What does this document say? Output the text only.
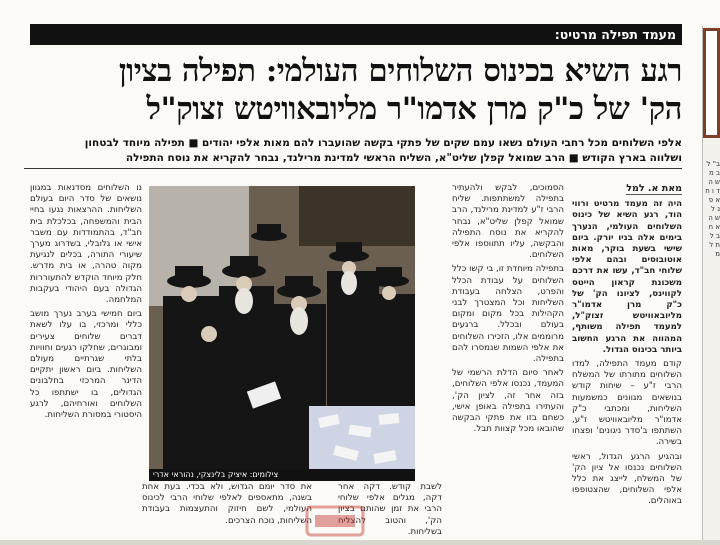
מעמד תפילה מרטיט:
רגע השיא בכינוס השלוחים העולמי: תפילה בציון
הק' של כ"ק מרן אדמו"ר מליובאוויטש זצוק"ל
אלפי השלוחים מכל רחבי העולם נשאו עמם שקים של פתקי בקשה שהועברו להם מאות אלפי יהודים ■ תפילה מיוחד לבטחון
ושלווה בארץ הקודש ■ הרב שמואל קפלן שליט"א, השליח הראשי למדינת מרילנד, נבחר להקריא את נוסח התפילה
מאת א. למל

היה זה מעמד מרטיט ורווי הוד, רגע השיא של כינוס השלוחים העולמי, הנערך בימים אלה בניו יורק. ביום שישי בשעת בוקר, מאות אוטובוסים ובהם אלפי שלוחי חב"ד, עשו את דרכם משכונת קראון הייטס לקווינס, לציונו הק' של כ"ק מרן אדמו"ר מליובאוויטש זצוק"ל, למעמד תפילה משותף, המהווה את הרגע החשוב ביותר בכינוס הגדול.

קודם מעמד התפילה, למדו השלוחים מתורתו של המשלח הרבי ז"ע – שיחות קודש בנושאים מגוונים כמשמעות השליחות, ומכתבי כ"ק אדמו"ר מליובאוויטש ז"ע, השתתפו ב'סדר ניגונים' ופצחו בשירה.

ובהגיע הרגע הגדול, ראשי השלוחים נכנסו אל ציון הק' של המשלח, לייצג את כלל אלפי השלוחים, שהצטופפו באוהלים.

הסמוכים, לבקש ולהעתיר בתפילה למשתתפות. שליח הרבי ז"ע למדינת מרילנד, הרב שמואל קפלן שליט"א, נבחר להקריא את נוסח התפילה והבקשה, עליו תתווספו אלפי השלוחים.

בתפילה מיוחדת זו, בי קשו כלל השלוחים על עבודת הכלל והפרט, הצלחה בעבודת השליחות וכל המצטרך לבני הקהילות בכל מקום ומקום בעולם ובכלל. ברגעים מרוממים אלו, הזכירו השלוחים את אלפי השמות שנמסרו להם בתפילה.

לאחר סיום הדלת הרשמי של המעמד, נכנסו אלפי השלוחים, בזה אחר זה, לציון הק', והעתירו בתפילה באופן אישי, כשחם בזו את פתקי הבקשה שהובאו מכל קצוות תבל.

לשבת קודש. דקה אחר דקה, מגלים אלפי שלוחי הרבי את זמן שהותם בציון הק', והטוב להצליח בשליחות.

את סדר יומם הגדוש, ולא בכדי. בעת אחת בשנה, מתאספים לאלפי שלוחי הרבי לכינוס העולמי, לשם חיזוק והתעצמות בעבודת השליחות, נוכח הצרכים.

נו השלוחים מסדנאות במגוון נושאים של סדר היום בעולם השליחות. ההרצאות נגעו בחיי הבית והמשפחה, בכלכלת בית חב"ד, בהתמודדות עם משבר אישי או גלובלי, בשדרוג מערך שיעורי התורה, בכלים לנגיעת מקוה טהרה, או בית מדרש. חלק מיוחד הוקדש להתעוררות הגדולה בעם היהודי בעקבות המלחמה.

ביום חמישי בערב נערך מושב כללי ומרכזי, בו עלו לשאת דברים שלוחים צעירים ומבוגרים, שחלקו רגעים וחוויות בלתי שגרתיים מעולם השליחות. ביום ראשון יתקיים הדינר המרכזי בחלבונים הגדולים, בו ישתתפו כל השלוחים ואורחיהם, לרגע היסטורי במסורת השליחות.

צילומים: איציק בלינצקי, נהוראי אדרי
ב" ל ב מ ש ה ד ו ח א פ נ ל ש ה א ח ב ל ת ל מ
